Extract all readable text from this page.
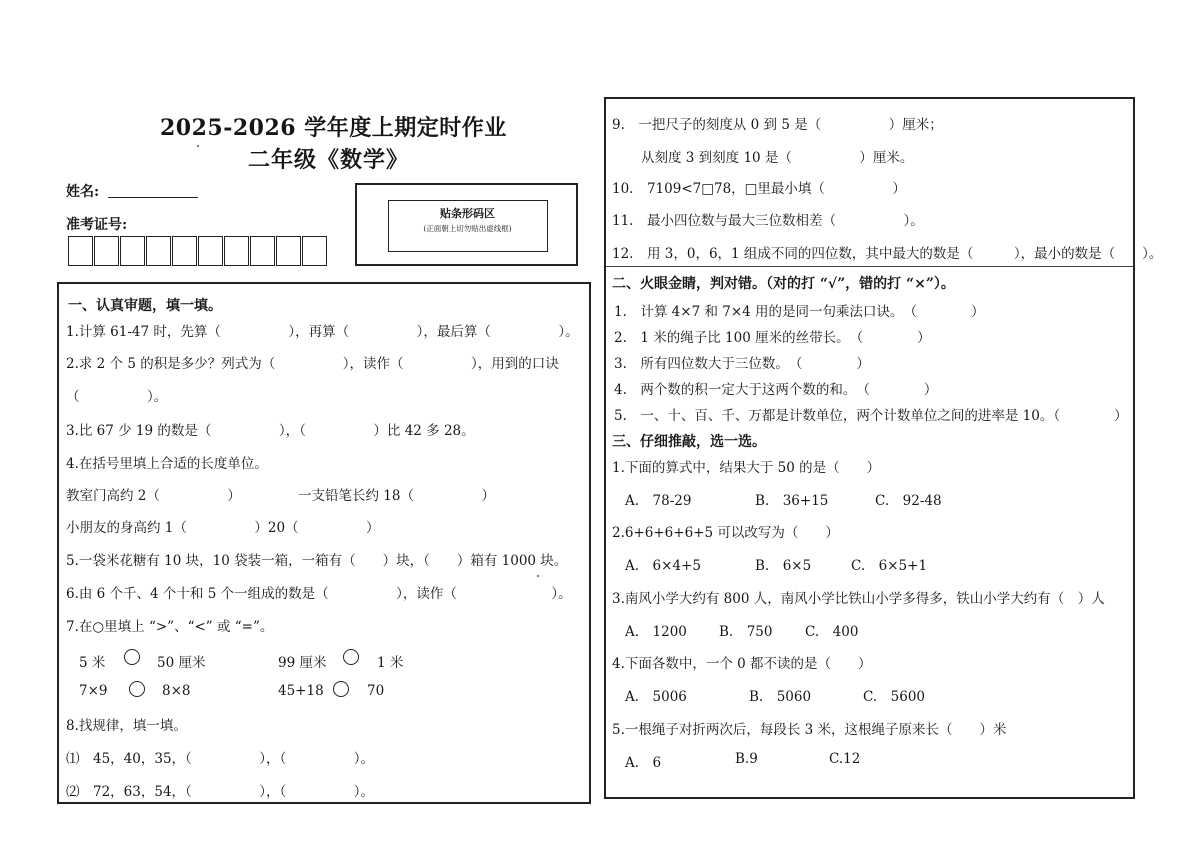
2025-2026 学年度上期定时作业
二年级《数学》
姓名:
准考证号:
贴条形码区
(正面朝上切勿贴出虚线框)
一、认真审题，填一填。
1.计算 61-47 时，先算（　　　　　），再算（　　　　　），最后算（　　　　　）。
2.求 2 个 5 的积是多少？列式为（　　　　　），读作（　　　　　），用到的口诀
（　　　　　）。
3.比 67 少 19 的数是（　　　　　），（　　　　　）比 42 多 28。
4.在括号里填上合适的长度单位。
教室门高约 2（　　　　　）	一支铅笔长约 18（　　　　　）
小朋友的身高约 1（　　　　　）20（　　　　　）
5.一袋米花糖有 10 块，10 袋装一箱，一箱有（　　）块，（　　）箱有 1000 块。
6.由 6 个千、4 个十和 5 个一组成的数是（　　　　　），读作（　　　　　　　）。
7.在○里填上 “>”、“<” 或 “=”。
5 米	50 厘米	99 厘米	1 米
7×9	8×8	45+18	70
8.找规律，填一填。
⑴　45，40，35，（　　　　　），（　　　　　）。
⑵　72，63，54，（　　　　　），（　　　　　）。
9.　一把尺子的刻度从 0 到 5 是（　　　　　）厘米；
从刻度 3 到刻度 10 是（　　　　　）厘米。
10.　7109<7□78，□里最小填（　　　　　）
11.　最小四位数与最大三位数相差（　　　　　）。
12.　用 3，0，6，1 组成不同的四位数，其中最大的数是（　　　），最小的数是（　　）。
二、火眼金睛，判对错。（对的打 “√”，错的打 “×”）。
1.　计算 4×7 和 7×4 用的是同一句乘法口诀。　（　　　　）
2.　1 米的绳子比 100 厘米的丝带长。　（　　　　）
3.　所有四位数大于三位数。　（　　　　）
4.　两个数的积一定大于这两个数的和。　（　　　　）
5.　一、十、百、千、万都是计数单位，两个计数单位之间的进率是 10。（　　　　）
三、仔细推敲，选一选。
1.下面的算式中，结果大于 50 的是（　　）
A.　78-29	B.　36+15	C.　92-48
2.6+6+6+6+5 可以改写为（　　）
A.　6×4+5	B.　6×5	C.　6×5+1
3.南风小学大约有 800 人，南风小学比铁山小学多得多，铁山小学大约有（　）人
A.　1200 B.　750 C.　400
4.下面各数中，一个 0 都不读的是（　　）
A.　5006	B.　5060	C.　5600
5.一根绳子对折两次后，每段长 3 米，这根绳子原来长（　　）米
A.　6	B.9	C.12
